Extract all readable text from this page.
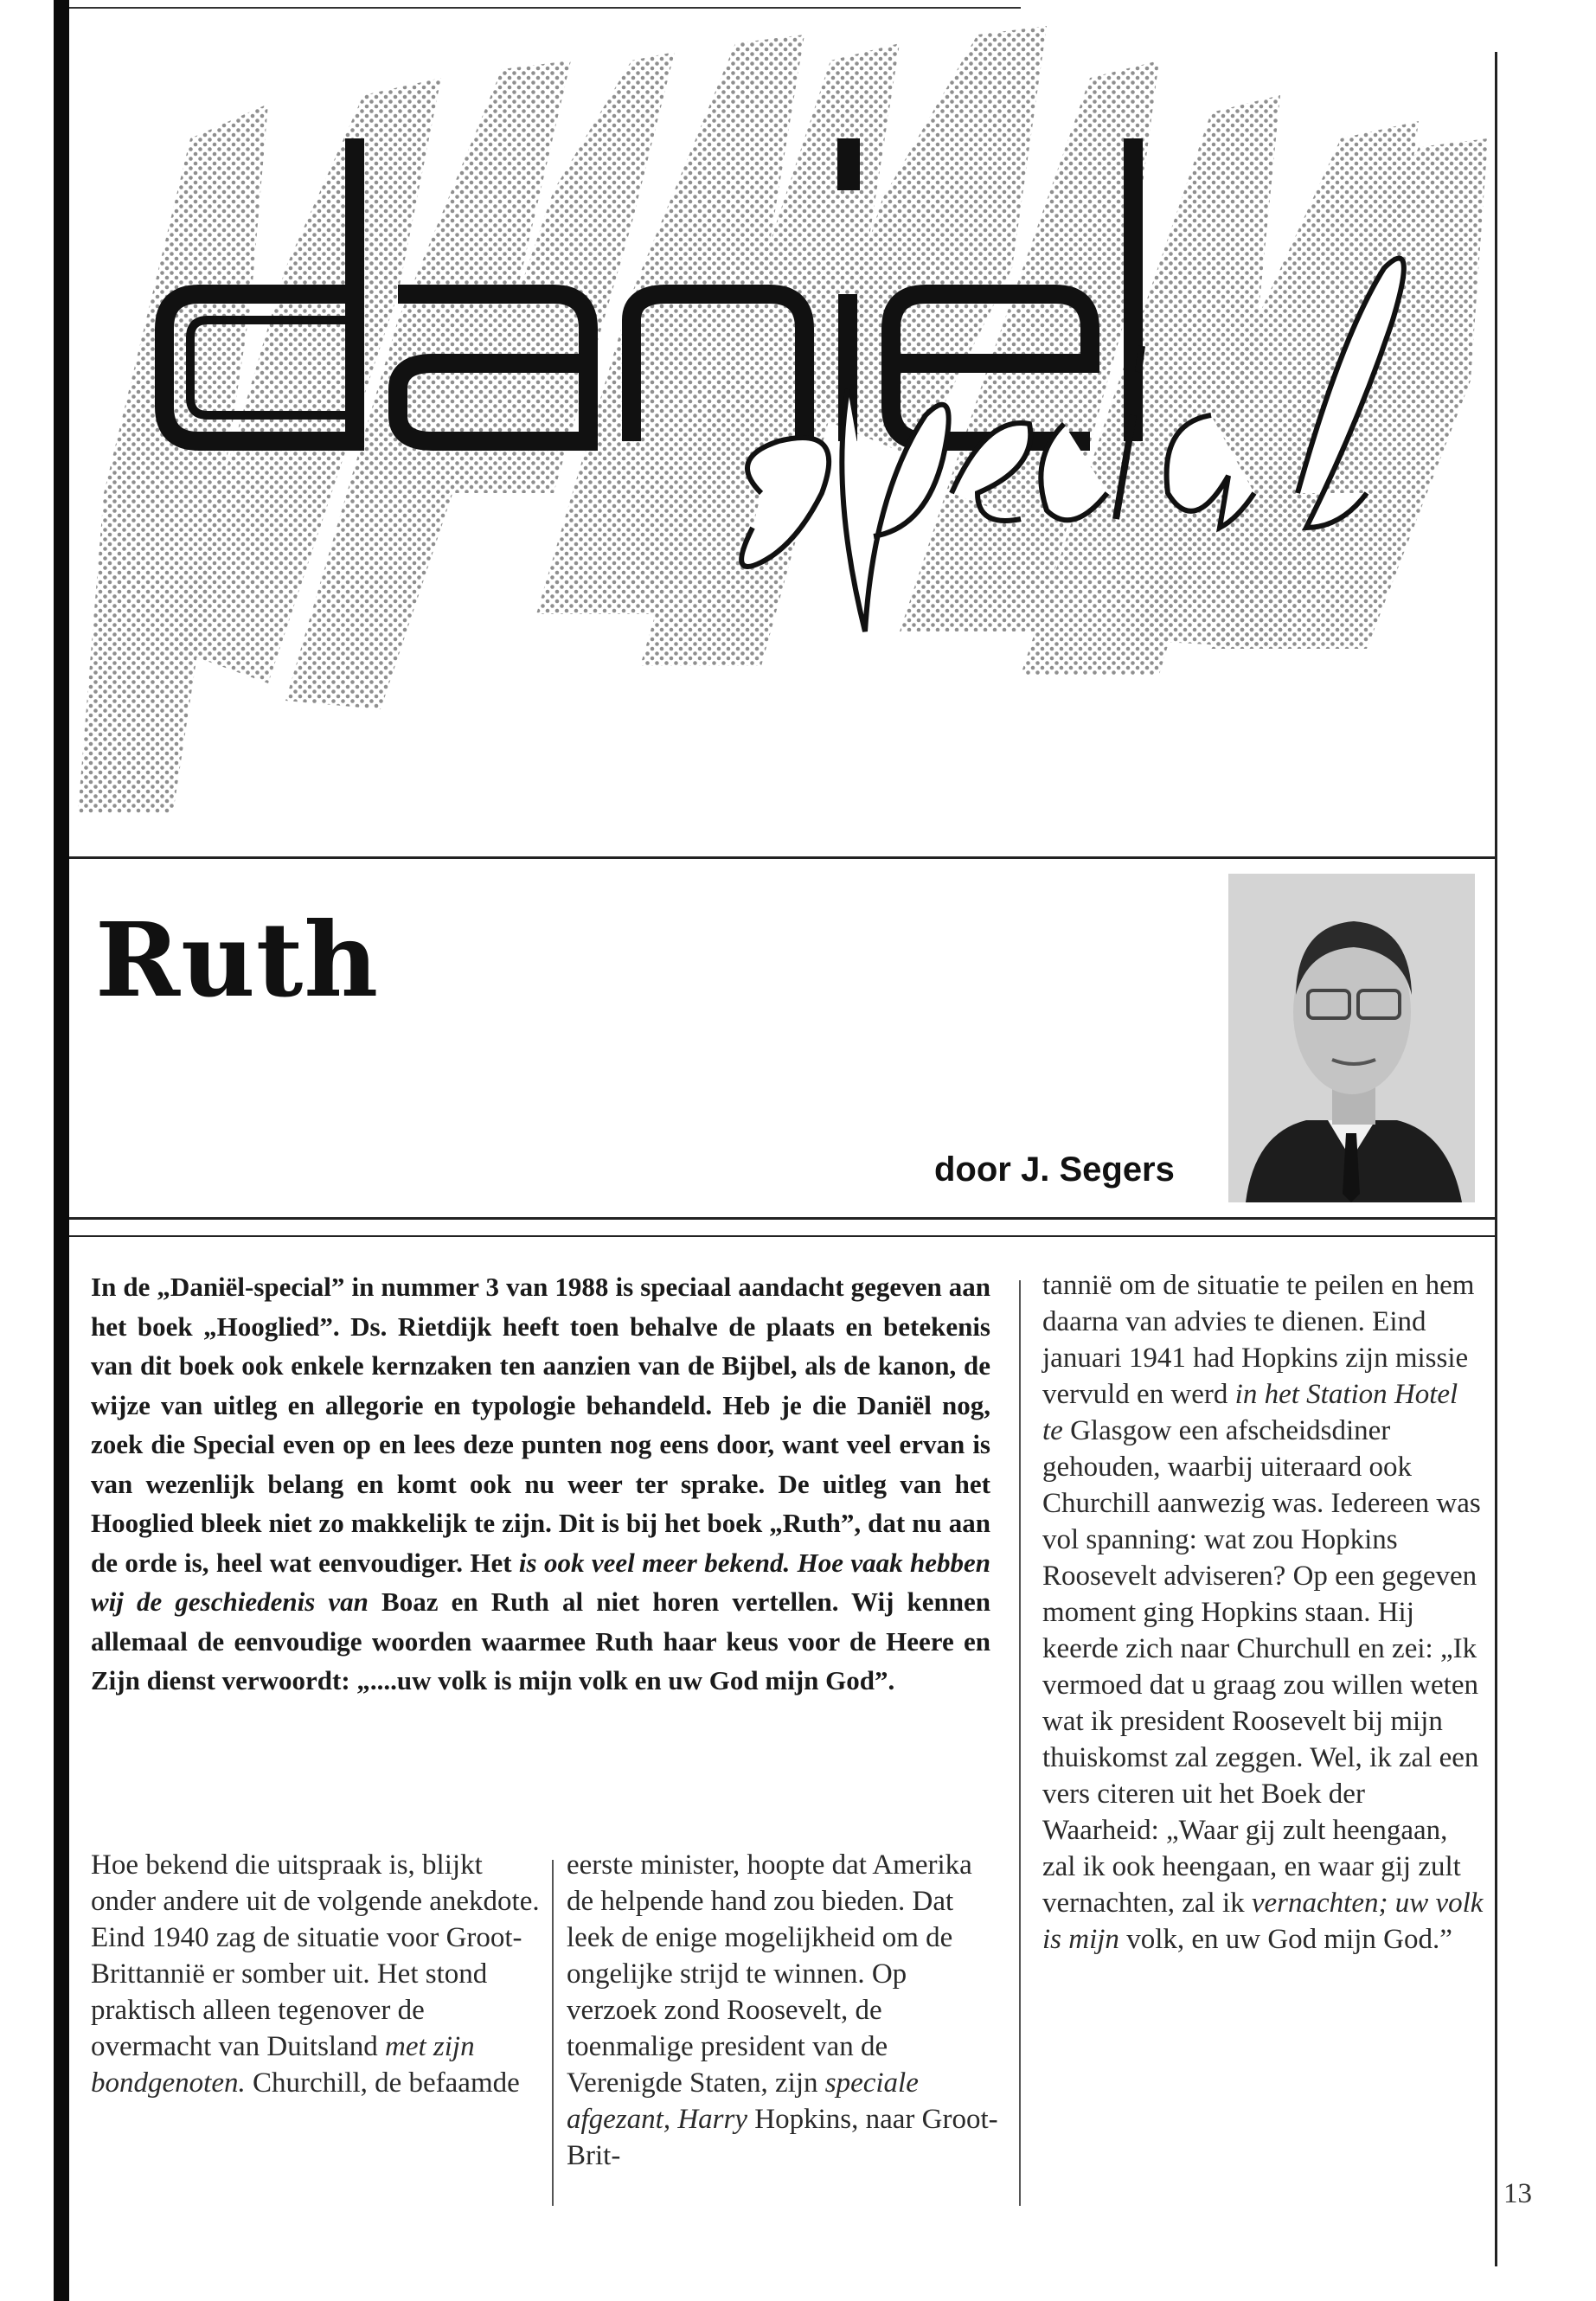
Ruth
door J. Segers

In de „Daniël-special” in nummer 3 van 1988 is speciaal aandacht gegeven aan het boek „Hooglied”. Ds. Rietdijk heeft toen behalve de plaats en betekenis van dit boek ook enkele kernzaken ten aanzien van de Bijbel, als de kanon, de wijze van uitleg en allegorie en typologie behandeld. Heb je die Daniël nog, zoek die Special even op en lees deze punten nog eens door, want veel ervan is van wezenlijk belang en komt ook nu weer ter sprake. De uitleg van het Hooglied bleek niet zo makkelijk te zijn. Dit is bij het boek „Ruth”, dat nu aan de orde is, heel wat eenvoudiger. Het is ook veel meer bekend. Hoe vaak hebben wij de geschiedenis van Boaz en Ruth al niet horen vertellen. Wij kennen allemaal de eenvoudige woorden waarmee Ruth haar keus voor de Heere en Zijn dienst verwoordt: „....uw volk is mijn volk en uw God mijn God”.

Hoe bekend die uitspraak is, blijkt onder andere uit de volgende anekdote. Eind 1940 zag de situatie voor Groot-Brittannië er somber uit. Het stond praktisch alleen tegenover de overmacht van Duitsland met zijn bondgenoten. Churchill, de befaamde

eerste minister, hoopte dat Amerika de helpende hand zou bieden. Dat leek de enige mogelijkheid om de ongelijke strijd te winnen. Op verzoek zond Roosevelt, de toenmalige president van de Verenigde Staten, zijn speciale afgezant, Harry Hopkins, naar Groot-Brit-

tannië om de situatie te peilen en hem daarna van advies te dienen. Eind januari 1941 had Hopkins zijn missie vervuld en werd in het Station Hotel te Glasgow een afscheidsdiner gehouden, waarbij uiteraard ook Churchill aanwezig was. Iedereen was vol spanning: wat zou Hopkins Roosevelt adviseren? Op een gegeven moment ging Hopkins staan. Hij keerde zich naar Churchull en zei: „Ik vermoed dat u graag zou willen weten wat ik president Roosevelt bij mijn thuiskomst zal zeggen. Wel, ik zal een vers citeren uit het Boek der Waarheid: „Waar gij zult heengaan, zal ik ook heengaan, en waar gij zult vernachten, zal ik vernachten; uw volk is mijn volk, en uw God mijn God.”

13
